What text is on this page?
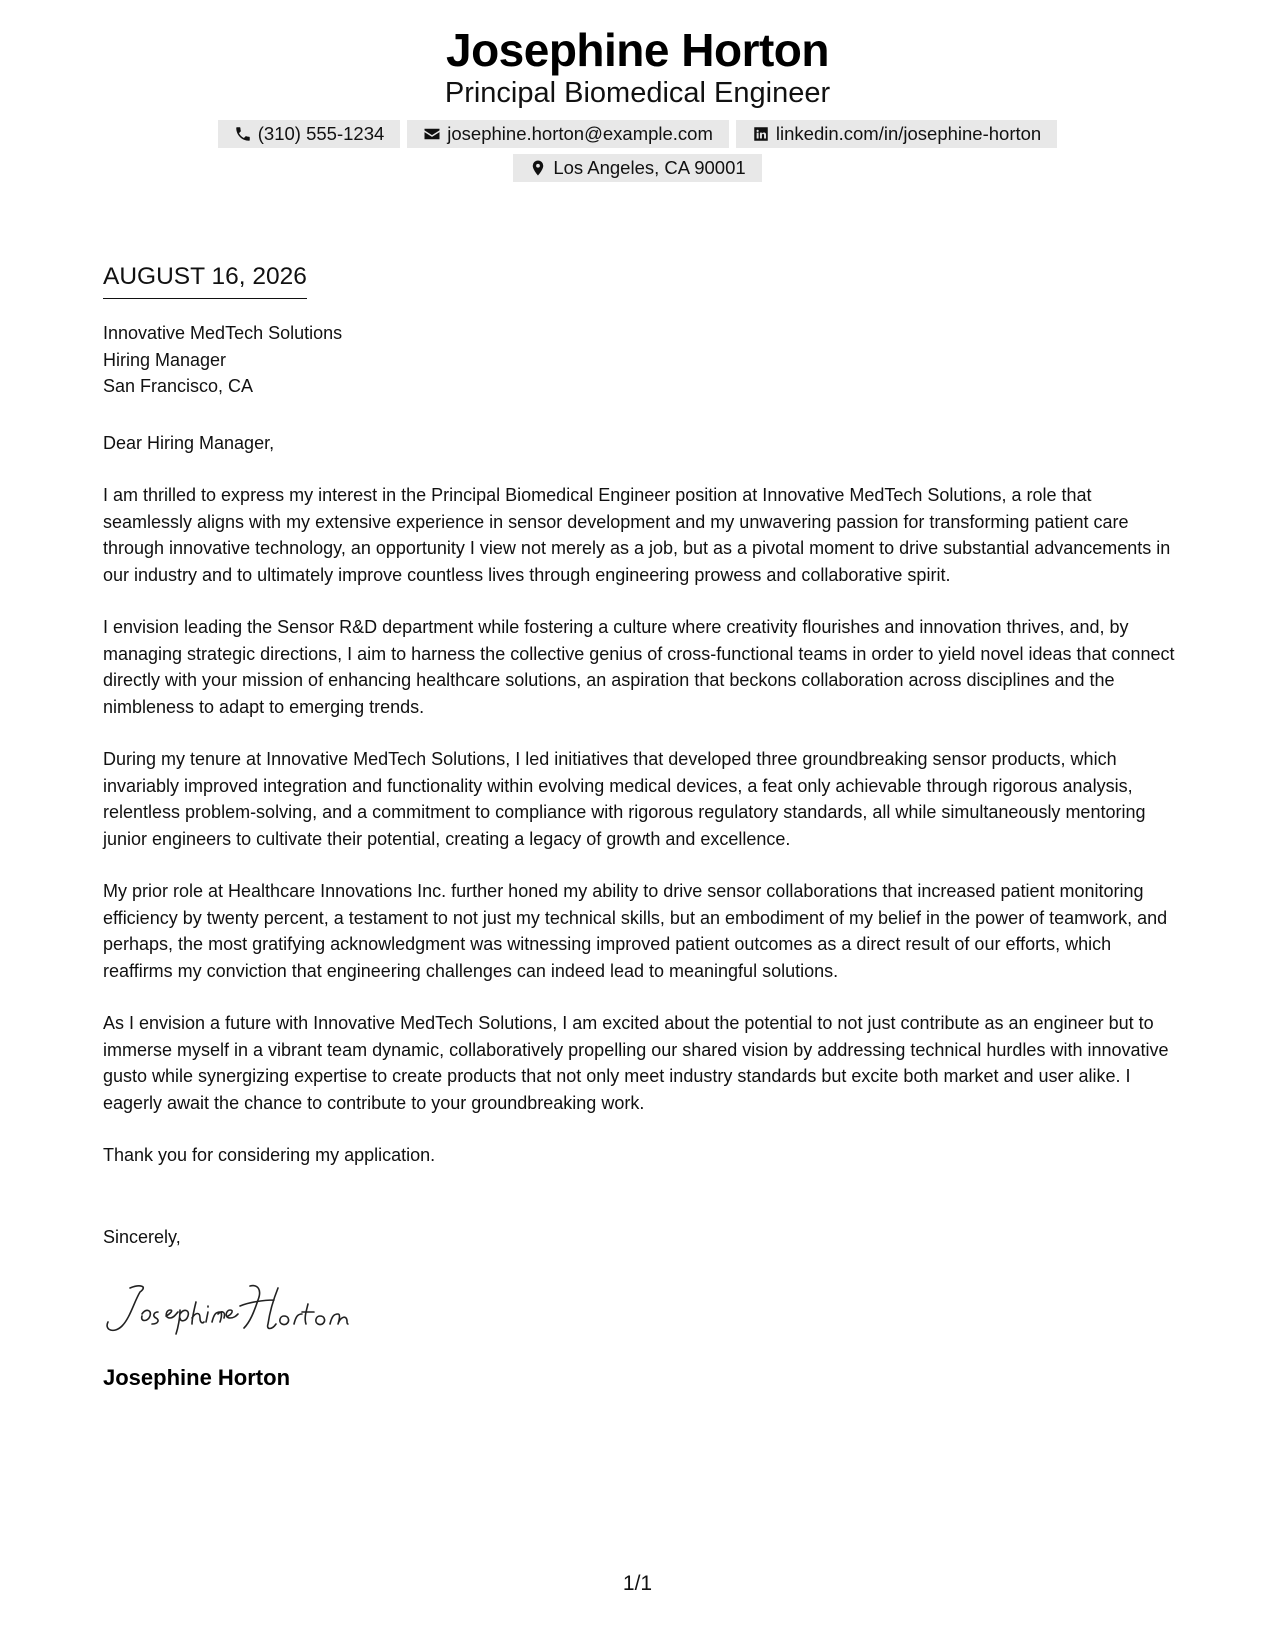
Josephine Horton
Principal Biomedical Engineer
(310) 555-1234	josephine.horton@example.com	linkedin.com/in/josephine-horton
Los Angeles, CA 90001
AUGUST 16, 2026
Innovative MedTech Solutions
Hiring Manager
San Francisco, CA
Dear Hiring Manager,

I am thrilled to express my interest in the Principal Biomedical Engineer position at Innovative MedTech Solutions, a role that seamlessly aligns with my extensive experience in sensor development and my unwavering passion for transforming patient care through innovative technology, an opportunity I view not merely as a job, but as a pivotal moment to drive substantial advancements in our industry and to ultimately improve countless lives through engineering prowess and collaborative spirit.

I envision leading the Sensor R&D department while fostering a culture where creativity flourishes and innovation thrives, and, by managing strategic directions, I aim to harness the collective genius of cross-functional teams in order to yield novel ideas that connect directly with your mission of enhancing healthcare solutions, an aspiration that beckons collaboration across disciplines and the nimbleness to adapt to emerging trends.

During my tenure at Innovative MedTech Solutions, I led initiatives that developed three groundbreaking sensor products, which invariably improved integration and functionality within evolving medical devices, a feat only achievable through rigorous analysis, relentless problem-solving, and a commitment to compliance with rigorous regulatory standards, all while simultaneously mentoring junior engineers to cultivate their potential, creating a legacy of growth and excellence.

My prior role at Healthcare Innovations Inc. further honed my ability to drive sensor collaborations that increased patient monitoring efficiency by twenty percent, a testament to not just my technical skills, but an embodiment of my belief in the power of teamwork, and perhaps, the most gratifying acknowledgment was witnessing improved patient outcomes as a direct result of our efforts, which reaffirms my conviction that engineering challenges can indeed lead to meaningful solutions.

As I envision a future with Innovative MedTech Solutions, I am excited about the potential to not just contribute as an engineer but to immerse myself in a vibrant team dynamic, collaboratively propelling our shared vision by addressing technical hurdles with innovative gusto while synergizing expertise to create products that not only meet industry standards but excite both market and user alike. I eagerly await the chance to contribute to your groundbreaking work.

Thank you for considering my application.

Sincerely,
Josephine Horton
1/1
